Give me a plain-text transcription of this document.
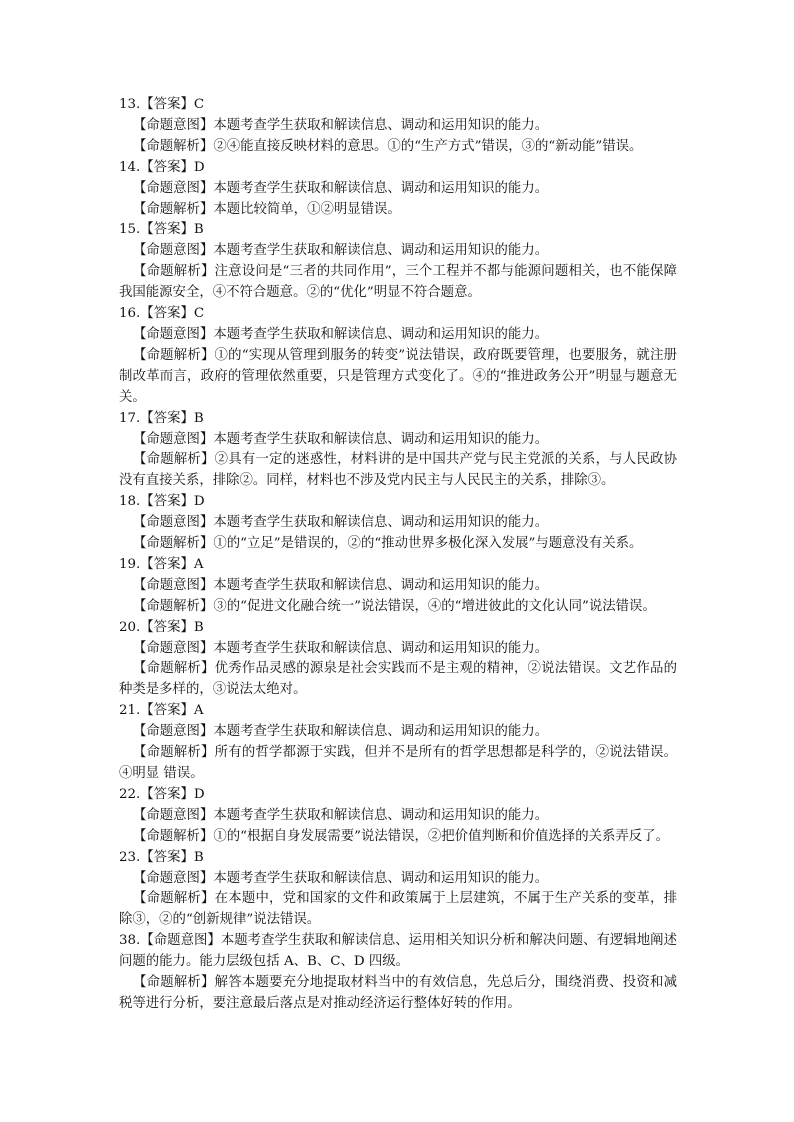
13.【答案】C
【命题意图】本题考查学生获取和解读信息、调动和运用知识的能力。
【命题解析】②④能直接反映材料的意思。①的“生产方式”错误，③的“新动能”错误。
14.【答案】D
【命题意图】本题考查学生获取和解读信息、调动和运用知识的能力。
【命题解析】本题比较简单，①②明显错误。
15.【答案】B
【命题意图】本题考查学生获取和解读信息、调动和运用知识的能力。
【命题解析】注意设问是“三者的共同作用”，三个工程并不都与能源问题相关，也不能保障我国能源安全，④不符合题意。②的“优化”明显不符合题意。
16.【答案】C
【命题意图】本题考查学生获取和解读信息、调动和运用知识的能力。
【命题解析】①的“实现从管理到服务的转变”说法错误，政府既要管理，也要服务，就注册制改革而言，政府的管理依然重要，只是管理方式变化了。④的“推进政务公开”明显与题意无关。
17.【答案】B
【命题意图】本题考查学生获取和解读信息、调动和运用知识的能力。
【命题解析】②具有一定的迷惑性，材料讲的是中国共产党与民主党派的关系，与人民政协没有直接关系，排除②。同样，材料也不涉及党内民主与人民民主的关系，排除③。
18.【答案】D
【命题意图】本题考查学生获取和解读信息、调动和运用知识的能力。
【命题解析】①的“立足”是错误的，②的“推动世界多极化深入发展”与题意没有关系。
19.【答案】A
【命题意图】本题考查学生获取和解读信息、调动和运用知识的能力。
【命题解析】③的“促进文化融合统一”说法错误，④的“增进彼此的文化认同”说法错误。
20.【答案】B
【命题意图】本题考查学生获取和解读信息、调动和运用知识的能力。
【命题解析】优秀作品灵感的源泉是社会实践而不是主观的精神，②说法错误。文艺作品的种类是多样的，③说法太绝对。
21.【答案】A
【命题意图】本题考查学生获取和解读信息、调动和运用知识的能力。
【命题解析】所有的哲学都源于实践，但并不是所有的哲学思想都是科学的，②说法错误。④明显 错误。
22.【答案】D
【命题意图】本题考查学生获取和解读信息、调动和运用知识的能力。
【命题解析】①的“根据自身发展需要”说法错误，②把价值判断和价值选择的关系弄反了。
23.【答案】B
【命题意图】本题考查学生获取和解读信息、调动和运用知识的能力。
【命题解析】在本题中，党和国家的文件和政策属于上层建筑，不属于生产关系的变革，排除③，②的“创新规律”说法错误。
38.【命题意图】本题考查学生获取和解读信息、运用相关知识分析和解决问题、有逻辑地阐述问题的能力。能力层级包括 A、B、C、D 四级。
【命题解析】解答本题要充分地提取材料当中的有效信息，先总后分，围绕消费、投资和减税等进行分析，要注意最后落点是对推动经济运行整体好转的作用。
